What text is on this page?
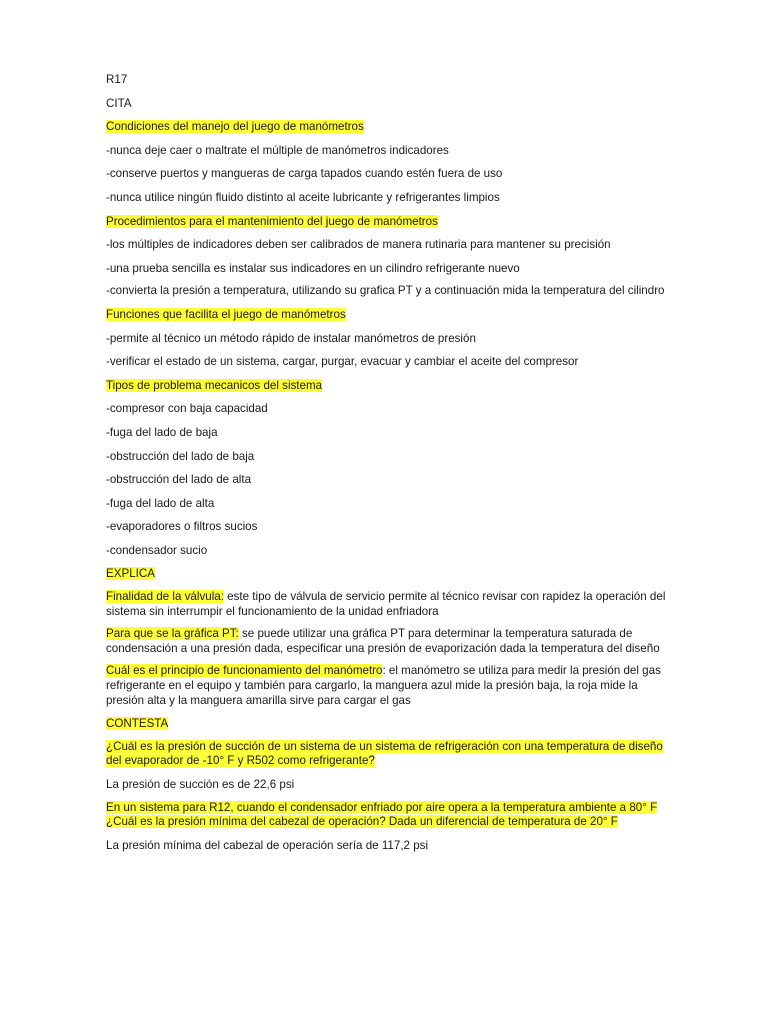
R17
CITA
Condiciones del manejo del juego de manómetros
-nunca deje caer o maltrate el múltiple de manómetros indicadores
-conserve puertos y mangueras de carga tapados cuando estén fuera de uso
-nunca utilice ningún fluido distinto al aceite lubricante y refrigerantes limpios
Procedimientos para el mantenimiento del juego de manómetros
-los múltiples de indicadores deben ser calibrados de manera rutinaria para mantener su precisión
-una prueba sencilla es instalar sus indicadores en un cilindro refrigerante nuevo
-convierta la presión a temperatura, utilizando su grafica PT y a continuación mida la temperatura del cilindro
Funciones que facilita el juego de manómetros
-permite al técnico un método rápido de instalar manómetros de presión
-verificar el estado de un sistema, cargar, purgar, evacuar y cambiar el aceite del compresor
Tipos de problema mecanicos del sistema
-compresor con baja capacidad
-fuga del lado de baja
-obstrucción del lado de baja
-obstrucción del lado de alta
-fuga del lado de alta
-evaporadores o filtros sucios
-condensador sucio
EXPLICA
Finalidad de la válvula: este tipo de válvula de servicio permite al técnico revisar con rapidez la operación del sistema sin interrumpir el funcionamiento de la unidad enfriadora
Para que se la gráfica PT: se puede utilizar una gráfica PT para determinar la temperatura saturada de condensación a una presión dada, especificar una presión de evaporización dada la temperatura del diseño
Cuál es el principio de funcionamiento del manómetro: el manómetro se utiliza para medir la presión del gas refrigerante en el equipo y también para cargarlo, la manguera azul mide la presión baja, la roja mide la presión alta y la manguera amarilla sirve para cargar el gas
CONTESTA
¿Cuál es la presión de succión de un sistema de un sistema de refrigeración con una temperatura de diseño del evaporador de -10° F y R502 como refrigerante?
La presión de succión es de 22,6 psi
En un sistema para R12, cuando el condensador enfriado por aire opera a la temperatura ambiente a 80° F ¿Cuál es la presión mínima del cabezal de operación? Dada un diferencial de temperatura de 20° F
La presión mínima del cabezal de operación sería de 117,2 psi
